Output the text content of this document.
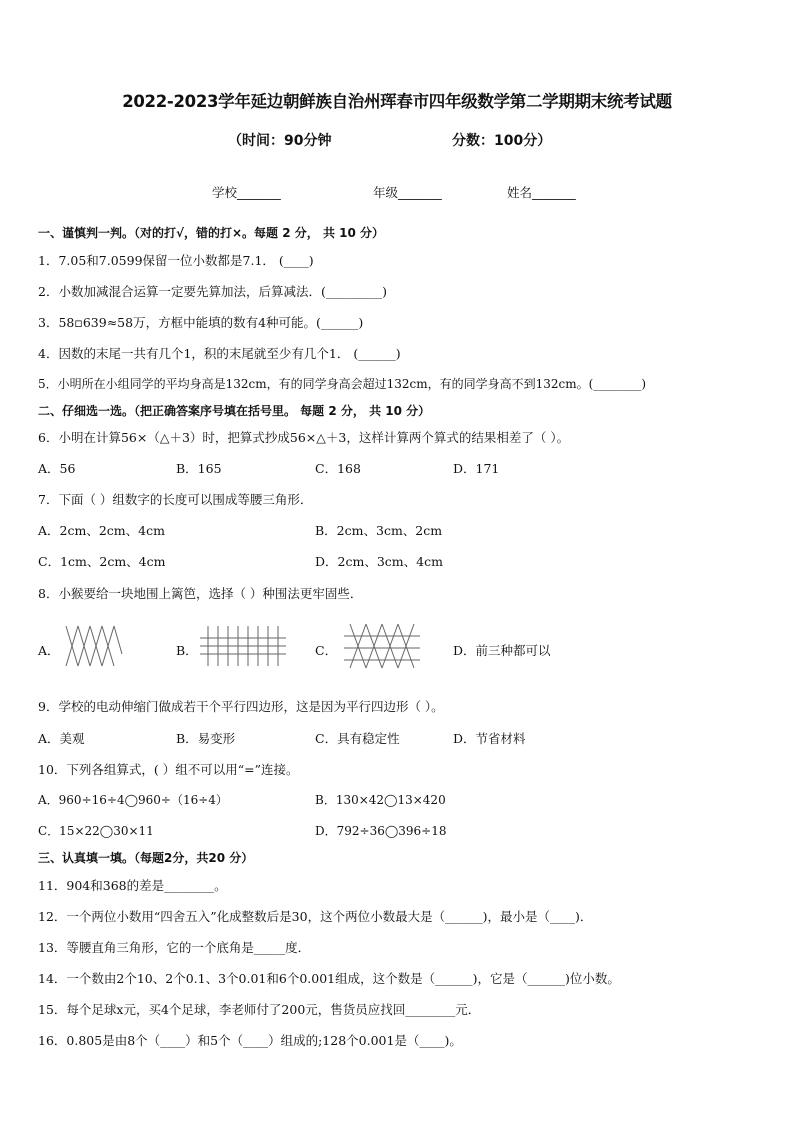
2022-2023学年延边朝鲜族自治州珲春市四年级数学第二学期期末统考试题
（时间：90分钟	分数：100分）
学校_______	年级_______	姓名_______
一、谨慎判一判。（对的打√，错的打×。每题 2 分， 共 10 分）
1．7.05和7.0599保留一位小数都是7.1． (____)
2．小数加减混合运算一定要先算加法，后算减法．(_________)
3．58▫639≈58万，方框中能填的数有4种可能。(______)
4．因数的末尾一共有几个1，积的末尾就至少有几个1． (______)
5．小明所在小组同学的平均身高是132cm，有的同学身高会超过132cm，有的同学身高不到132cm。(________)
二、仔细选一选。（把正确答案序号填在括号里。 每题 2 分， 共 10 分）
6．小明在计算56×（△＋3）时，把算式抄成56×△＋3，这样计算两个算式的结果相差了（ ）。
A．56	B．165	C．168	D．171
7．下面（ ）组数字的长度可以围成等腰三角形．
A．2cm、2cm、4cm	B．2cm、3cm、2cm
C．1cm、2cm、4cm	D．2cm、3cm、4cm
8．小猴要给一块地围上篱笆，选择（ ）种围法更牢固些．
A．	B．	C．	D．前三种都可以
9．学校的电动伸缩门做成若干个平行四边形，这是因为平行四边形（ ）。
A．美观	B．易变形	C．具有稳定性	D．节省材料
10．下列各组算式，( ）组不可以用“=”连接。
A．960÷16÷4◯960÷（16÷4）	B．130×42◯13×420
C．15×22◯30×11	D．792÷36◯396÷18
三、认真填一填。（每题2分，共20 分）
11．904和368的差是________。
12．一个两位小数用“四舍五入”化成整数后是30，这个两位小数最大是（______)，最小是（____)．
13．等腰直角三角形，它的一个底角是_____度．
14．一个数由2个10、2个0.1、3个0.01和6个0.001组成，这个数是（______)，它是（______)位小数。
15．每个足球x元，买4个足球，李老师付了200元，售货员应找回________元．
16．0.805是由8个（____）和5个（____）组成的;128个0.001是（____)。
